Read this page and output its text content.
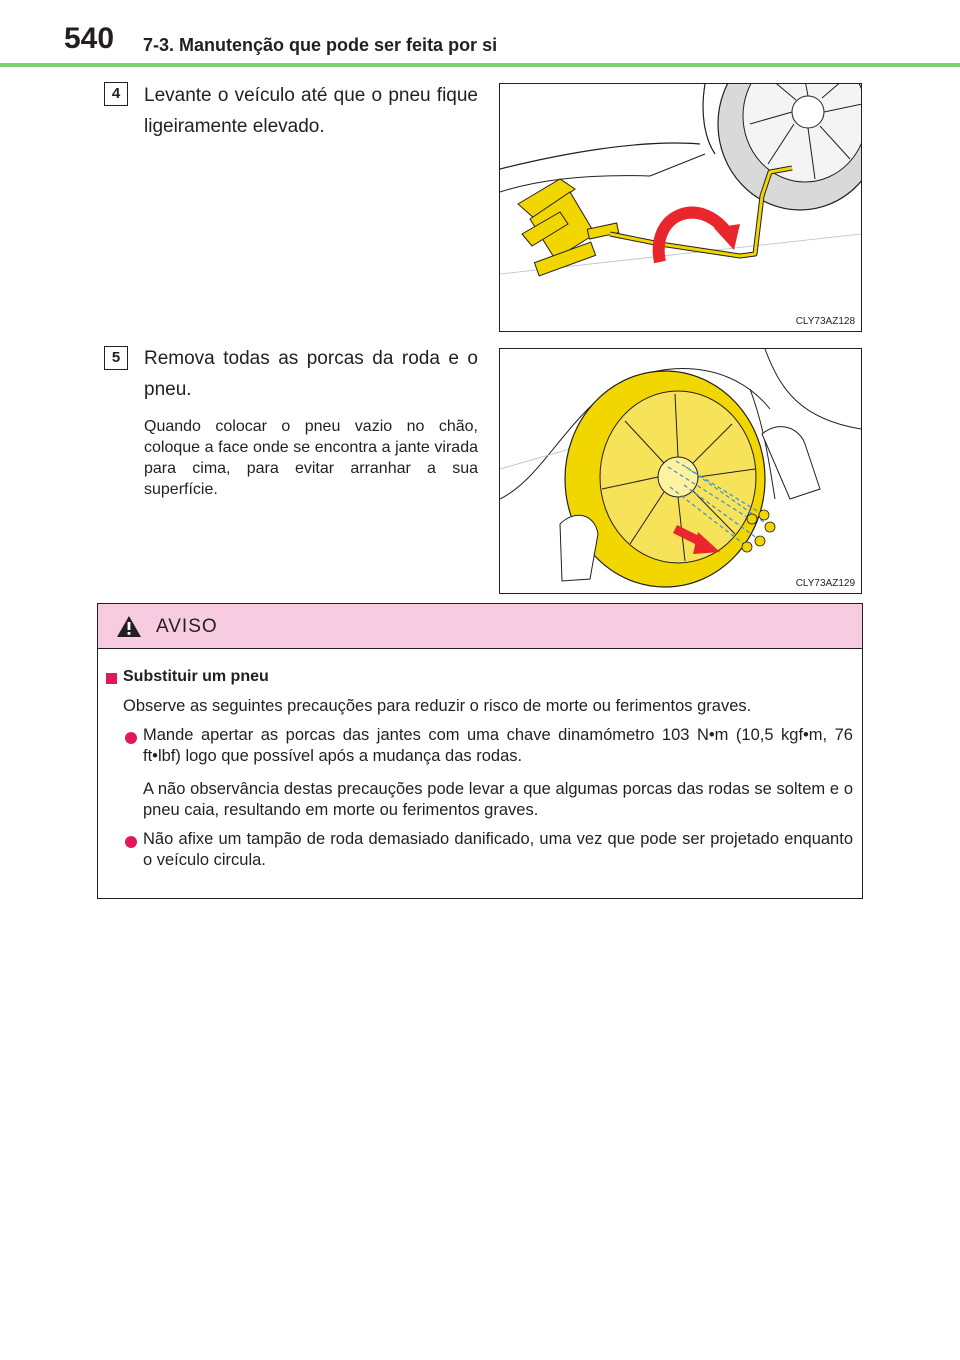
540 7-3. Manutenção que pode ser feita por si
4	Levante o veículo até que o pneu fique ligeiramente elevado.
CLY73AZ128
5	Remova todas as porcas da roda e o pneu.
Quando colocar o pneu vazio no chão, coloque a face onde se encontra a jante virada para cima, para evitar arranhar a sua superfície.
CLY73AZ129
AVISO
Substituir um pneu
Observe as seguintes precauções para reduzir o risco de morte ou ferimentos graves.
Mande apertar as porcas das jantes com uma chave dinamómetro 103 N•m (10,5 kgf•m, 76 ft•lbf) logo que possível após a mudança das rodas.
A não observância destas precauções pode levar a que algumas porcas das rodas se soltem e o pneu caia, resultando em morte ou ferimentos graves.
Não afixe um tampão de roda demasiado danificado, uma vez que pode ser projetado enquanto o veículo circula.
